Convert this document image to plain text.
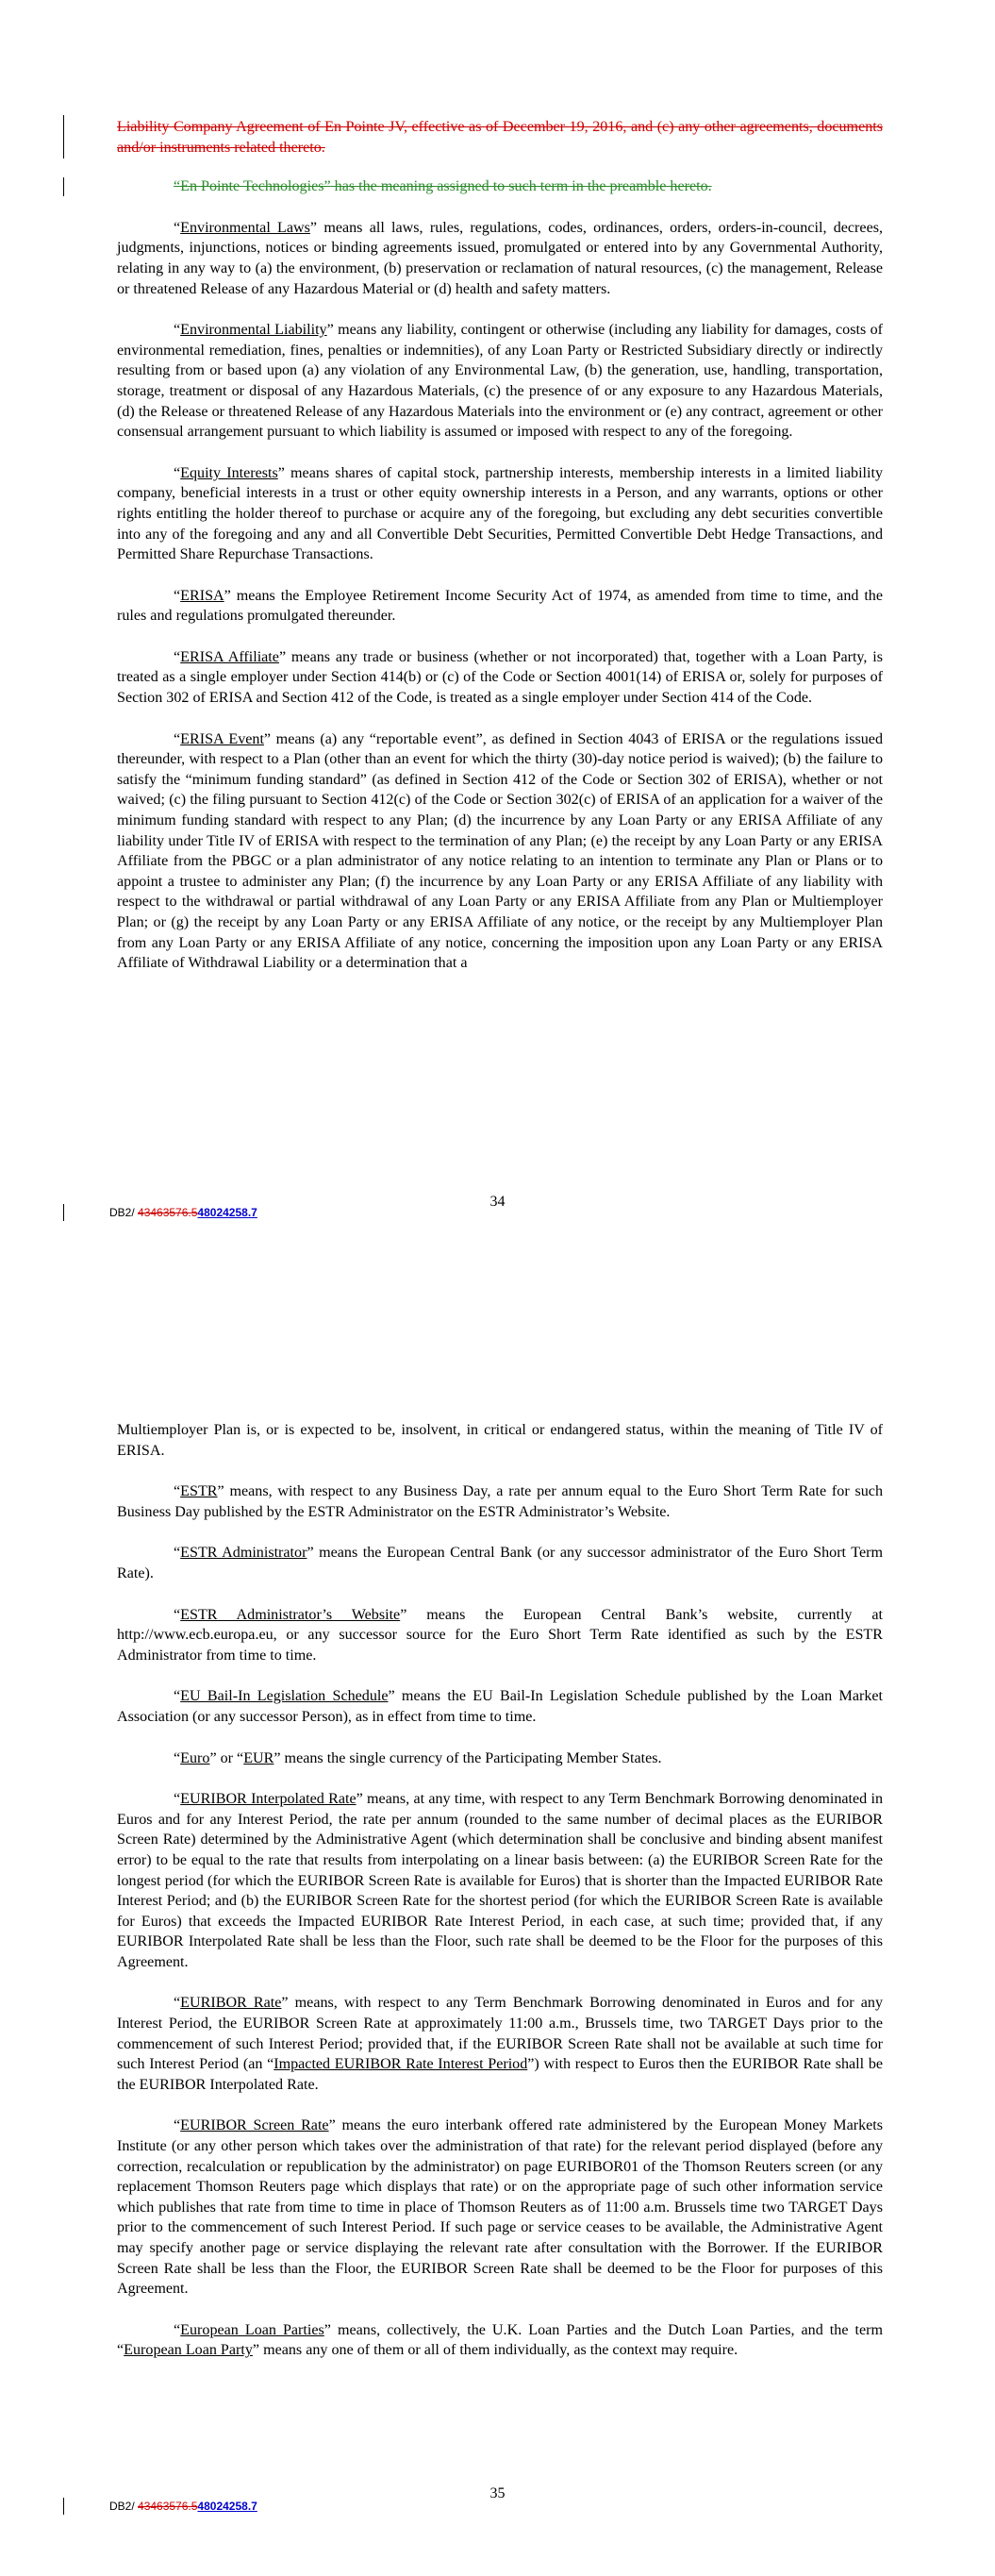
Liability Company Agreement of En Pointe JV, effective as of December 19, 2016, and (c) any other agreements, documents and/or instruments related thereto.

“En Pointe Technologies” has the meaning assigned to such term in the preamble hereto.

“Environmental Laws” means all laws, rules, regulations, codes, ordinances, orders, orders-in-council, decrees, judgments, injunctions, notices or binding agreements issued, promulgated or entered into by any Governmental Authority, relating in any way to (a) the environment, (b) preservation or reclamation of natural resources, (c) the management, Release or threatened Release of any Hazardous Material or (d) health and safety matters.

“Environmental Liability” means any liability, contingent or otherwise (including any liability for damages, costs of environmental remediation, fines, penalties or indemnities), of any Loan Party or Restricted Subsidiary directly or indirectly resulting from or based upon (a) any violation of any Environmental Law, (b) the generation, use, handling, transportation, storage, treatment or disposal of any Hazardous Materials, (c) the presence of or any exposure to any Hazardous Materials, (d) the Release or threatened Release of any Hazardous Materials into the environment or (e) any contract, agreement or other consensual arrangement pursuant to which liability is assumed or imposed with respect to any of the foregoing.

“Equity Interests” means shares of capital stock, partnership interests, membership interests in a limited liability company, beneficial interests in a trust or other equity ownership interests in a Person, and any warrants, options or other rights entitling the holder thereof to purchase or acquire any of the foregoing, but excluding any debt securities convertible into any of the foregoing and any and all Convertible Debt Securities, Permitted Convertible Debt Hedge Transactions, and Permitted Share Repurchase Transactions.

“ERISA” means the Employee Retirement Income Security Act of 1974, as amended from time to time, and the rules and regulations promulgated thereunder.

“ERISA Affiliate” means any trade or business (whether or not incorporated) that, together with a Loan Party, is treated as a single employer under Section 414(b) or (c) of the Code or Section 4001(14) of ERISA or, solely for purposes of Section 302 of ERISA and Section 412 of the Code, is treated as a single employer under Section 414 of the Code.

“ERISA Event” means (a) any “reportable event”, as defined in Section 4043 of ERISA or the regulations issued thereunder, with respect to a Plan (other than an event for which the thirty (30)-day notice period is waived); (b) the failure to satisfy the “minimum funding standard” (as defined in Section 412 of the Code or Section 302 of ERISA), whether or not waived; (c) the filing pursuant to Section 412(c) of the Code or Section 302(c) of ERISA of an application for a waiver of the minimum funding standard with respect to any Plan; (d) the incurrence by any Loan Party or any ERISA Affiliate of any liability under Title IV of ERISA with respect to the termination of any Plan; (e) the receipt by any Loan Party or any ERISA Affiliate from the PBGC or a plan administrator of any notice relating to an intention to terminate any Plan or Plans or to appoint a trustee to administer any Plan; (f) the incurrence by any Loan Party or any ERISA Affiliate of any liability with respect to the withdrawal or partial withdrawal of any Loan Party or any ERISA Affiliate from any Plan or Multiemployer Plan; or (g) the receipt by any Loan Party or any ERISA Affiliate of any notice, or the receipt by any Multiemployer Plan from any Loan Party or any ERISA Affiliate of any notice, concerning the imposition upon any Loan Party or any ERISA Affiliate of Withdrawal Liability or a determination that a

34
DB2/ 43463576.548024258.7

Multiemployer Plan is, or is expected to be, insolvent, in critical or endangered status, within the meaning of Title IV of ERISA.

“ESTR” means, with respect to any Business Day, a rate per annum equal to the Euro Short Term Rate for such Business Day published by the ESTR Administrator on the ESTR Administrator’s Website.

“ESTR Administrator” means the European Central Bank (or any successor administrator of the Euro Short Term Rate).

“ESTR Administrator’s Website” means the European Central Bank’s website, currently at http://www.ecb.europa.eu, or any successor source for the Euro Short Term Rate identified as such by the ESTR Administrator from time to time.

“EU Bail-In Legislation Schedule” means the EU Bail-In Legislation Schedule published by the Loan Market Association (or any successor Person), as in effect from time to time.

“Euro” or “EUR” means the single currency of the Participating Member States.

“EURIBOR Interpolated Rate” means, at any time, with respect to any Term Benchmark Borrowing denominated in Euros and for any Interest Period, the rate per annum (rounded to the same number of decimal places as the EURIBOR Screen Rate) determined by the Administrative Agent (which determination shall be conclusive and binding absent manifest error) to be equal to the rate that results from interpolating on a linear basis between: (a) the EURIBOR Screen Rate for the longest period (for which the EURIBOR Screen Rate is available for Euros) that is shorter than the Impacted EURIBOR Rate Interest Period; and (b) the EURIBOR Screen Rate for the shortest period (for which the EURIBOR Screen Rate is available for Euros) that exceeds the Impacted EURIBOR Rate Interest Period, in each case, at such time; provided that, if any EURIBOR Interpolated Rate shall be less than the Floor, such rate shall be deemed to be the Floor for the purposes of this Agreement.

“EURIBOR Rate” means, with respect to any Term Benchmark Borrowing denominated in Euros and for any Interest Period, the EURIBOR Screen Rate at approximately 11:00 a.m., Brussels time, two TARGET Days prior to the commencement of such Interest Period; provided that, if the EURIBOR Screen Rate shall not be available at such time for such Interest Period (an “Impacted EURIBOR Rate Interest Period”) with respect to Euros then the EURIBOR Rate shall be the EURIBOR Interpolated Rate.

“EURIBOR Screen Rate” means the euro interbank offered rate administered by the European Money Markets Institute (or any other person which takes over the administration of that rate) for the relevant period displayed (before any correction, recalculation or republication by the administrator) on page EURIBOR01 of the Thomson Reuters screen (or any replacement Thomson Reuters page which displays that rate) or on the appropriate page of such other information service which publishes that rate from time to time in place of Thomson Reuters as of 11:00 a.m. Brussels time two TARGET Days prior to the commencement of such Interest Period. If such page or service ceases to be available, the Administrative Agent may specify another page or service displaying the relevant rate after consultation with the Borrower. If the EURIBOR Screen Rate shall be less than the Floor, the EURIBOR Screen Rate shall be deemed to be the Floor for purposes of this Agreement.

“European Loan Parties” means, collectively, the U.K. Loan Parties and the Dutch Loan Parties, and the term “European Loan Party” means any one of them or all of them individually, as the context may require.

35
DB2/ 43463576.548024258.7
